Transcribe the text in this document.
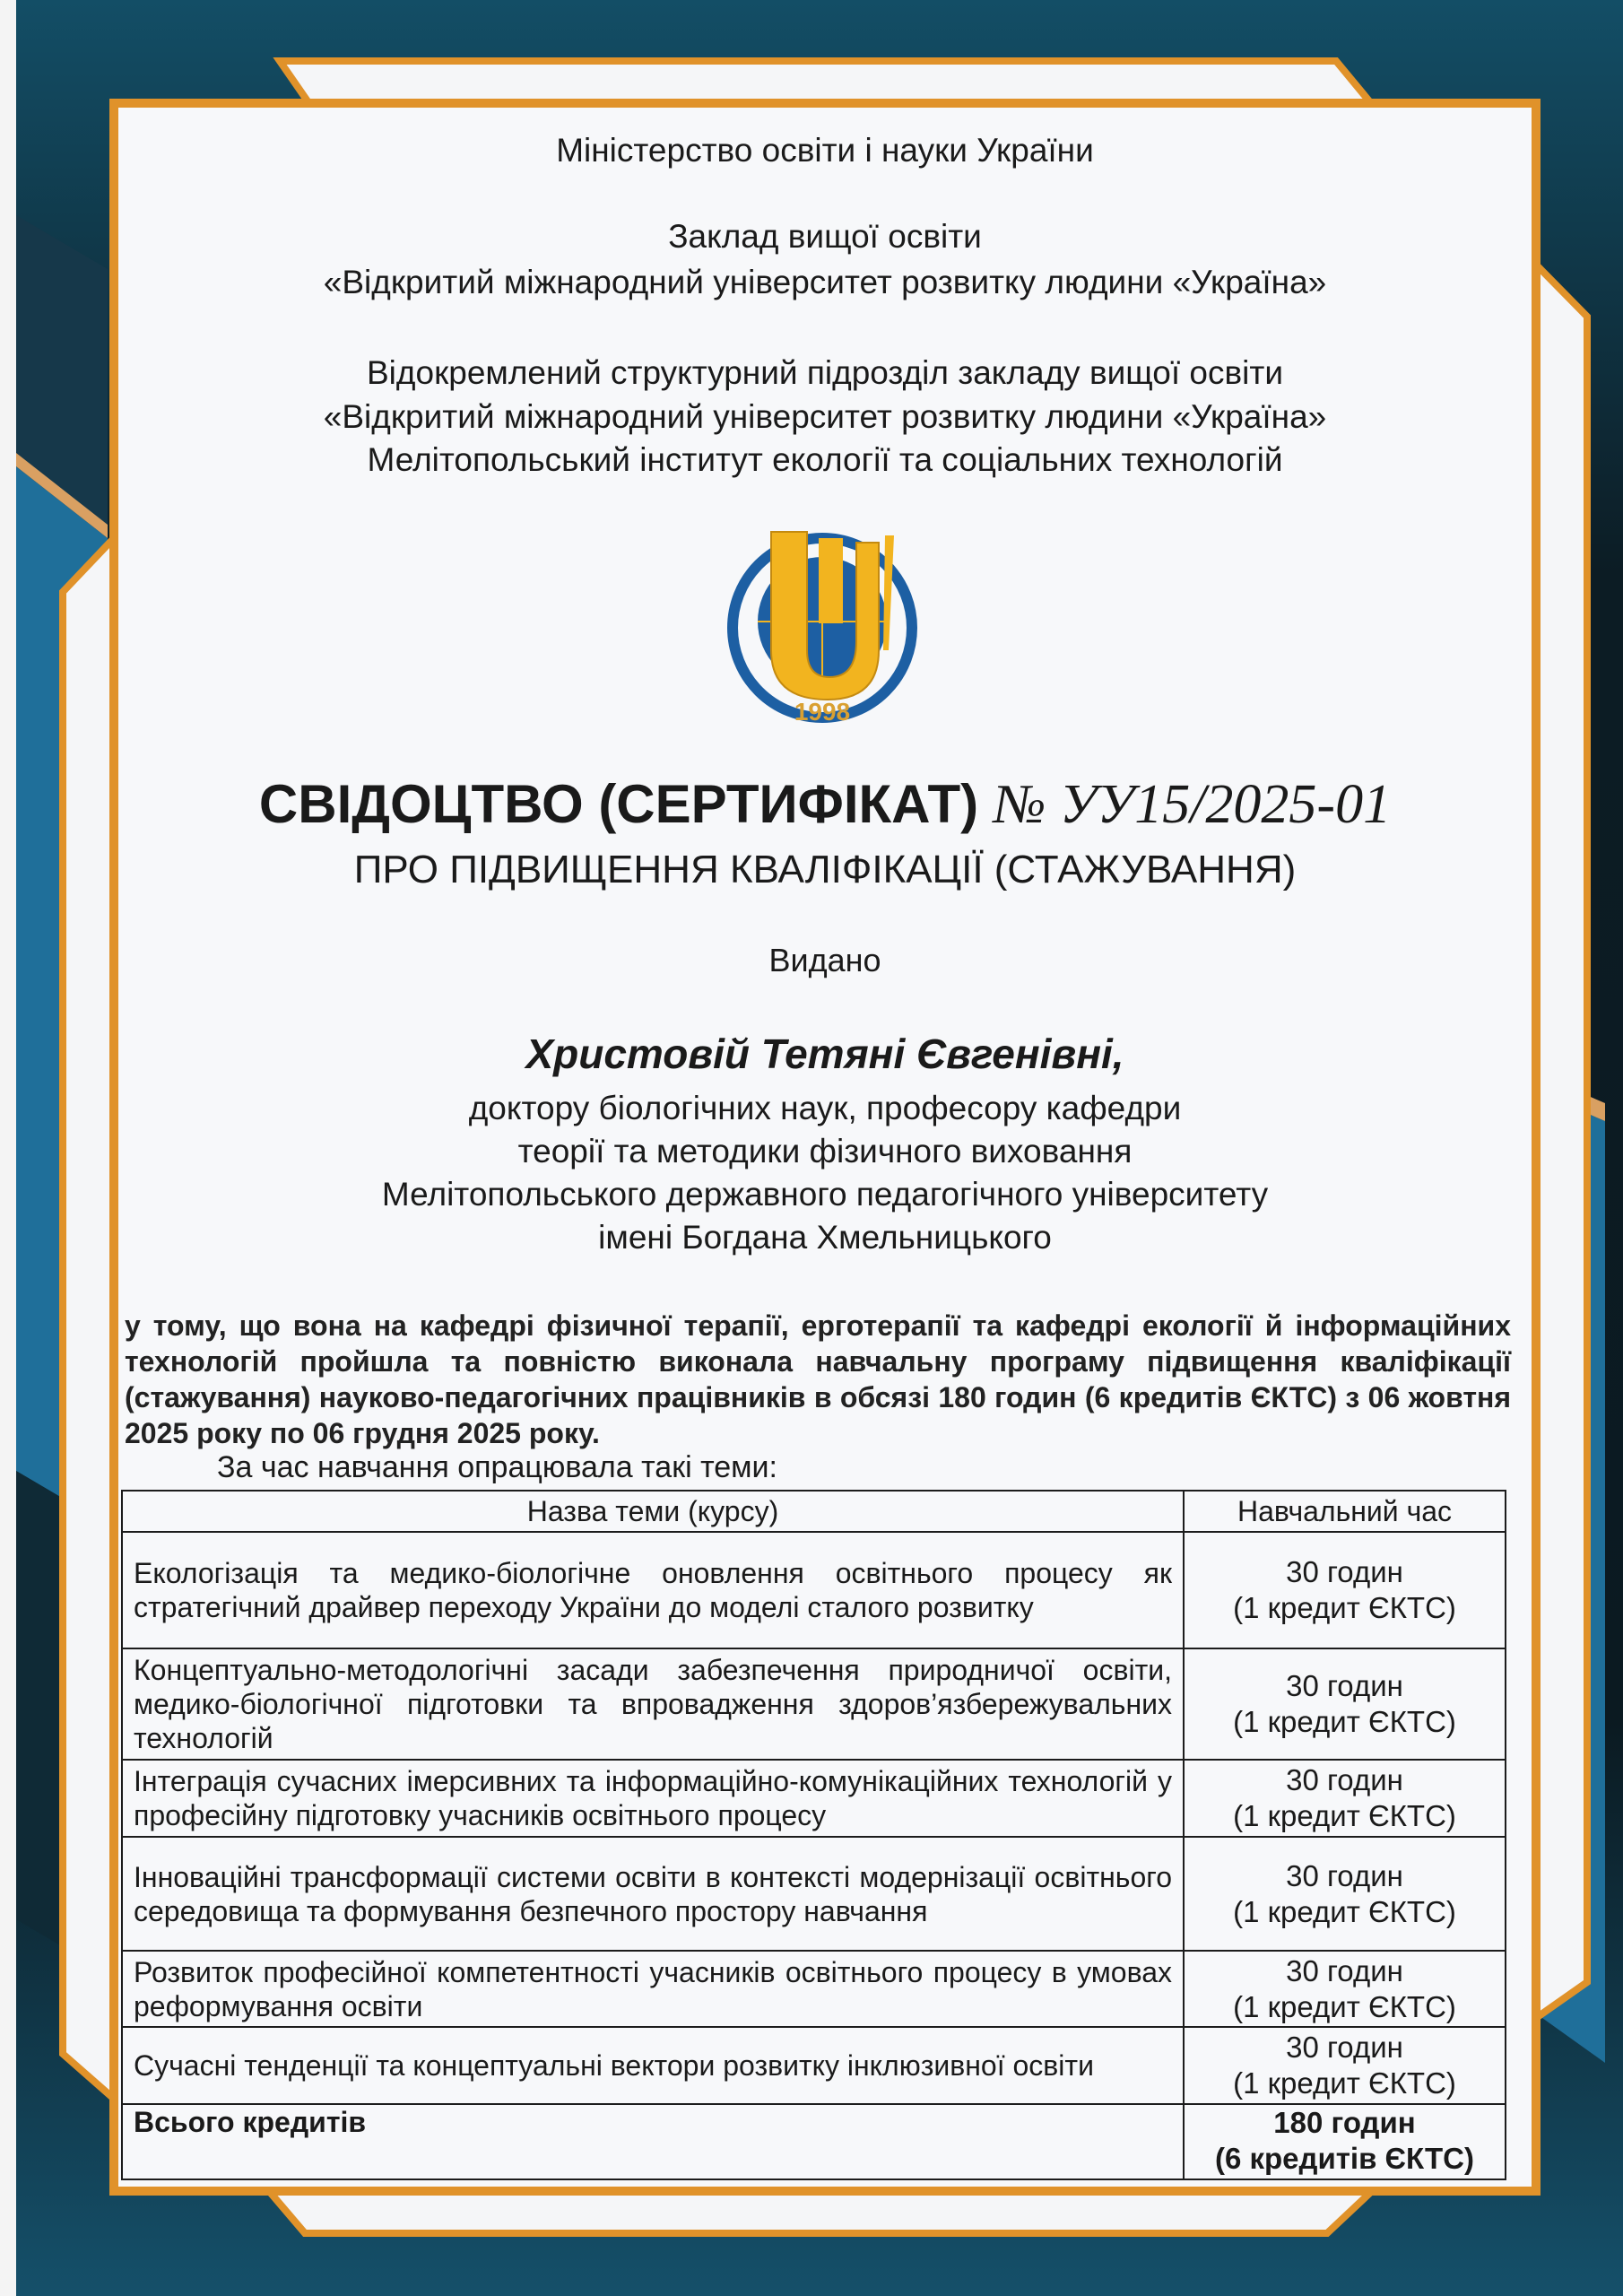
Міністерство освіти і науки України
Заклад вищої освіти
«Відкритий міжнародний університет розвитку людини «Україна»
Відокремлений структурний підрозділ закладу вищої освіти
«Відкритий міжнародний університет розвитку людини «Україна»
Мелітопольський інститут екології та соціальних технологій
1998
СВІДОЦТВО (СЕРТИФІКАТ) № УУ15/2025-01
ПРО ПІДВИЩЕННЯ КВАЛІФІКАЦІЇ (СТАЖУВАННЯ)
Видано
Христовій Тетяні Євгенівні,
доктору біологічних наук, професору кафедри
теорії та методики фізичного виховання
Мелітопольського державного педагогічного університету
імені Богдана Хмельницького
у тому, що вона на кафедрі фізичної терапії, ерготерапії та кафедрі екології й інформаційних технологій пройшла та повністю виконала навчальну програму підвищення кваліфікації (стажування) науково-педагогічних працівників в обсязі 180 годин (6 кредитів ЄКТС) з 06 жовтня 2025 року по 06 грудня 2025 року.
За час навчання опрацювала такі теми:
Назва теми (курсу)	Навчальний час
Екологізація та медико-біологічне оновлення освітнього процесу як стратегічний драйвер переходу України до моделі сталого розвитку	30 годин
(1 кредит ЄКТС)

Концептуально-методологічні засади забезпечення природничої освіти, медико-біологічної підготовки та впровадження здоров’язбережувальних технологій	30 годин
(1 кредит ЄКТС)

Інтеграція сучасних імерсивних та інформаційно-комунікаційних технологій у професійну підготовку учасників освітнього процесу	30 годин
(1 кредит ЄКТС)

Інноваційні трансформації системи освіти в контексті модернізації освітнього середовища та формування безпечного простору навчання	30 годин
(1 кредит ЄКТС)

Розвиток професійної компетентності учасників освітнього процесу в умовах реформування освіти	30 годин
(1 кредит ЄКТС)

Сучасні тенденції та концептуальні вектори розвитку інклюзивної освіти	30 годин
(1 кредит ЄКТС)

Всього кредитів	180 годин
(6 кредитів ЄКТС)
